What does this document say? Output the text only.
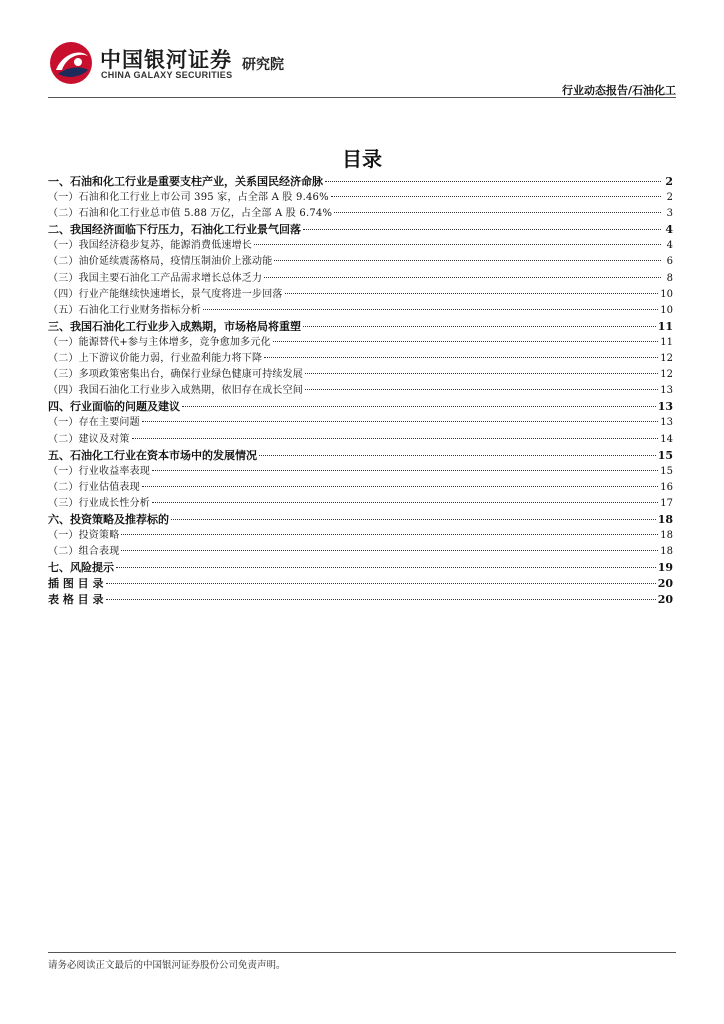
中国银河证券
CHINA GALAXY SECURITIES
研究院
行业动态报告/石油化工
目录
一、石油和化工行业是重要支柱产业，关系国民经济命脉	2
（一）石油和化工行业上市公司 395 家，占全部 A 股 9.46%	2
（二）石油和化工行业总市值 5.88 万亿，占全部 A 股 6.74%	3
二、我国经济面临下行压力，石油化工行业景气回落	4
（一）我国经济稳步复苏，能源消费低速增长	4
（二）油价延续震荡格局，疫情压制油价上涨动能	6
（三）我国主要石油化工产品需求增长总体乏力	8
（四）行业产能继续快速增长，景气度将进一步回落	10
（五）石油化工行业财务指标分析	10
三、我国石油化工行业步入成熟期，市场格局将重塑	11
（一）能源替代+参与主体增多，竞争愈加多元化	11
（二）上下游议价能力弱，行业盈利能力将下降	12
（三）多项政策密集出台，确保行业绿色健康可持续发展	12
（四）我国石油化工行业步入成熟期，依旧存在成长空间	13
四、行业面临的问题及建议	13
（一）存在主要问题	13
（二）建议及对策	14
五、石油化工行业在资本市场中的发展情况	15
（一）行业收益率表现	15
（二）行业估值表现	16
（三）行业成长性分析	17
六、投资策略及推荐标的	18
（一）投资策略	18
（二）组合表现	18
七、风险提示	19
插 图 目 录	20
表 格 目 录	20
请务必阅读正文最后的中国银河证券股份公司免责声明。
